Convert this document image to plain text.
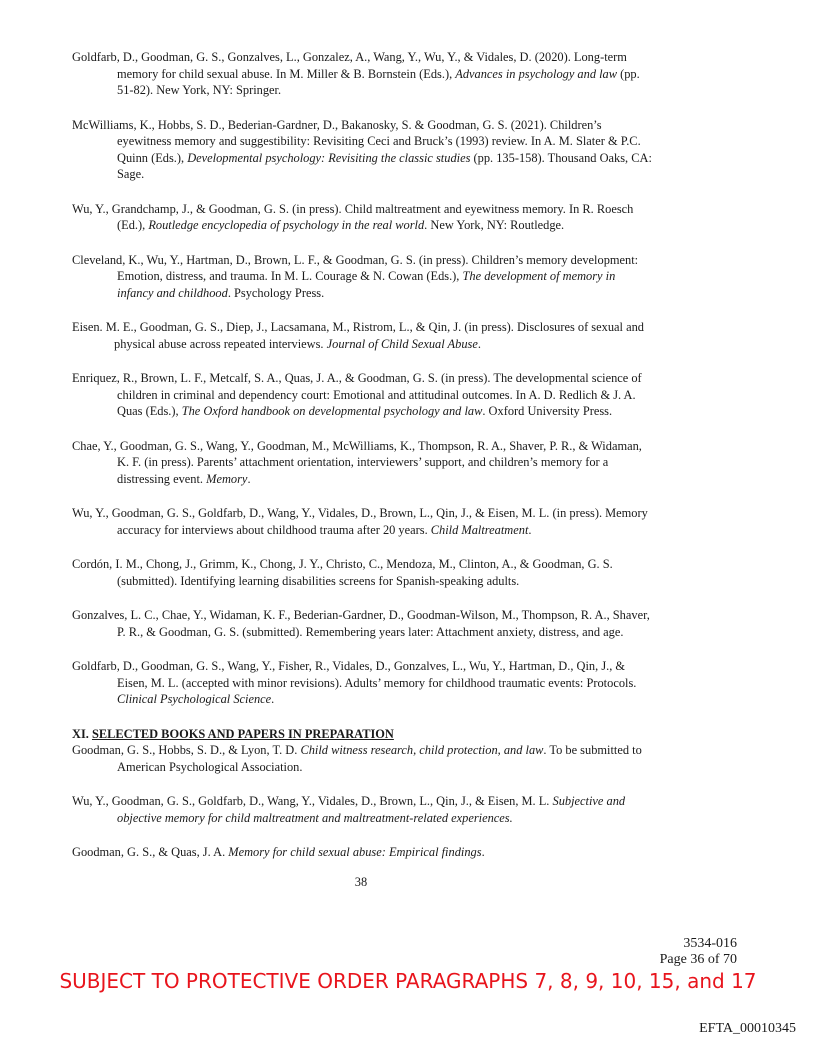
Goldfarb, D., Goodman, G. S., Gonzalves, L., Gonzalez, A., Wang, Y., Wu, Y., & Vidales, D. (2020). Long-term memory for child sexual abuse. In M. Miller & B. Bornstein (Eds.), Advances in psychology and law (pp. 51-82). New York, NY: Springer.

McWilliams, K., Hobbs, S. D., Bederian-Gardner, D., Bakanosky, S. & Goodman, G. S. (2021). Children’s eyewitness memory and suggestibility: Revisiting Ceci and Bruck’s (1993) review. In A. M. Slater & P.C. Quinn (Eds.), Developmental psychology: Revisiting the classic studies (pp. 135-158). Thousand Oaks, CA: Sage.

Wu, Y., Grandchamp, J., & Goodman, G. S. (in press). Child maltreatment and eyewitness memory. In R. Roesch (Ed.), Routledge encyclopedia of psychology in the real world. New York, NY: Routledge.

Cleveland, K., Wu, Y., Hartman, D., Brown, L. F., & Goodman, G. S. (in press). Children’s memory development: Emotion, distress, and trauma. In M. L. Courage & N. Cowan (Eds.), The development of memory in infancy and childhood. Psychology Press.

Eisen. M. E., Goodman, G. S., Diep, J., Lacsamana, M., Ristrom, L., & Qin, J. (in press). Disclosures of sexual and physical abuse across repeated interviews. Journal of Child Sexual Abuse.

Enriquez, R., Brown, L. F., Metcalf, S. A., Quas, J. A., & Goodman, G. S. (in press). The developmental science of children in criminal and dependency court: Emotional and attitudinal outcomes. In A. D. Redlich & J. A. Quas (Eds.), The Oxford handbook on developmental psychology and law. Oxford University Press.

Chae, Y., Goodman, G. S., Wang, Y., Goodman, M., McWilliams, K., Thompson, R. A., Shaver, P. R., & Widaman, K. F. (in press). Parents’ attachment orientation, interviewers’ support, and children’s memory for a distressing event. Memory.

Wu, Y., Goodman, G. S., Goldfarb, D., Wang, Y., Vidales, D., Brown, L., Qin, J., & Eisen, M. L. (in press). Memory accuracy for interviews about childhood trauma after 20 years. Child Maltreatment.

Cordón, I. M., Chong, J., Grimm, K., Chong, J. Y., Christo, C., Mendoza, M., Clinton, A., & Goodman, G. S. (submitted). Identifying learning disabilities screens for Spanish-speaking adults.

Gonzalves, L. C., Chae, Y., Widaman, K. F., Bederian-Gardner, D., Goodman-Wilson, M., Thompson, R. A., Shaver, P. R., & Goodman, G. S. (submitted). Remembering years later: Attachment anxiety, distress, and age.

Goldfarb, D., Goodman, G. S., Wang, Y., Fisher, R., Vidales, D., Gonzalves, L., Wu, Y., Hartman, D., Qin, J., & Eisen, M. L. (accepted with minor revisions). Adults’ memory for childhood traumatic events: Protocols. Clinical Psychological Science.

XI. SELECTED BOOKS AND PAPERS IN PREPARATION

Goodman, G. S., Hobbs, S. D., & Lyon, T. D. Child witness research, child protection, and law. To be submitted to American Psychological Association.

Wu, Y., Goodman, G. S., Goldfarb, D., Wang, Y., Vidales, D., Brown, L., Qin, J., & Eisen, M. L. Subjective and objective memory for child maltreatment and maltreatment-related experiences.

Goodman, G. S., & Quas, J. A. Memory for child sexual abuse: Empirical findings.

38
3534-016
Page 36 of 70
SUBJECT TO PROTECTIVE ORDER PARAGRAPHS 7, 8, 9, 10, 15, and 17
EFTA_00010345
